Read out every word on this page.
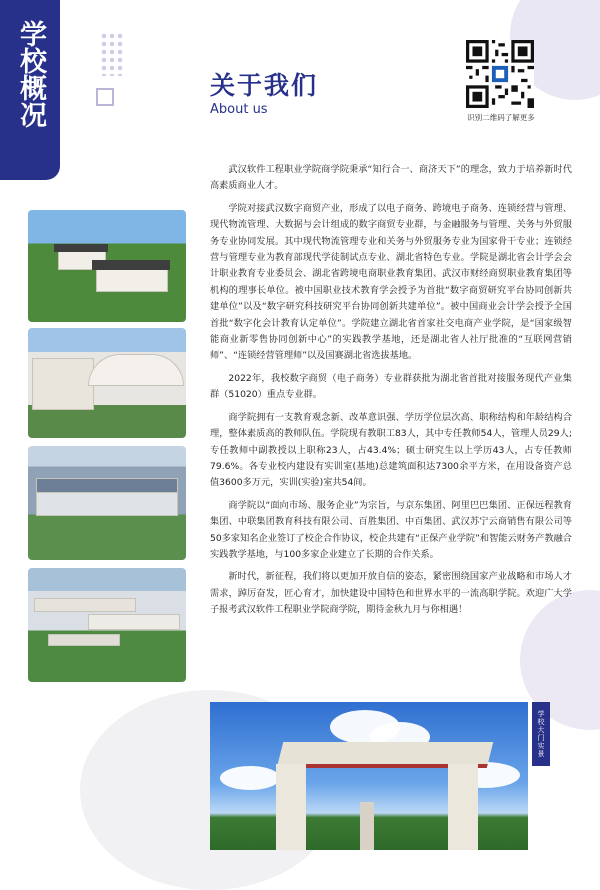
学校概况	关于我们
About us
识别二维码了解更多

武汉软件工程职业学院商学院秉承“知行合一、商济天下”的理念，致力于培养新时代高素质商业人才。

学院对接武汉数字商贸产业，形成了以电子商务、跨境电子商务、连锁经营与管理、现代物流管理、大数据与会计组成的数字商贸专业群，与金融服务与管理、关务与外贸服务专业协同发展。其中现代物流管理专业和关务与外贸服务专业为国家骨干专业；连锁经营与管理专业为教育部现代学徒制试点专业、湖北省特色专业。学院是湖北省会计学会会计职业教育专业委员会、湖北省跨境电商职业教育集团、武汉市财经商贸职业教育集团等机构的理事长单位。被中国职业技术教育学会授予为首批“数字商贸研究平台协同创新共建单位”以及“数字研究科技研究平台协同创新共建单位”。被中国商业会计学会授予全国首批“数字化会计教育认定单位”。学院建立湖北省首家社交电商产业学院，是“国家级智能商业新零售协同创新中心”的实践教学基地，还是湖北省人社厅批准的“互联网营销师”、“连锁经营管理师”以及国赛湖北省选拔基地。

2022年，我校数字商贸（电子商务）专业群获批为湖北省首批对接服务现代产业集群（51020）重点专业群。

商学院拥有一支教育观念新、改革意识强、学历学位层次高、职称结构和年龄结构合理，整体素质高的教师队伍。学院现有教职工83人，其中专任教师54人，管理人员29人;专任教师中副教授以上职称23人，占43.4%；硕士研究生以上学历43人，占专任教师79.6%。各专业校内建设有实训室(基地)总建筑面积达7300余平方米，在用设备资产总值3600多万元，实训(实验)室共54间。

商学院以“面向市场、服务企业”为宗旨，与京东集团、阿里巴巴集团、正保远程教育集团、中联集团教育科技有限公司、百胜集团、中百集团、武汉苏宁云商销售有限公司等50多家知名企业签订了校企合作协议，校企共建有“正保产业学院”和智能云财务产教融合实践教学基地，与100多家企业建立了长期的合作关系。

新时代，新征程，我们将以更加开放自信的姿态，紧密围绕国家产业战略和市场人才需求，踔厉奋发，匠心育才，加快建设中国特色和世界水平的一流高职学院。欢迎广大学子报考武汉软件工程职业学院商学院，期待金秋九月与你相遇！

学校大门实景
